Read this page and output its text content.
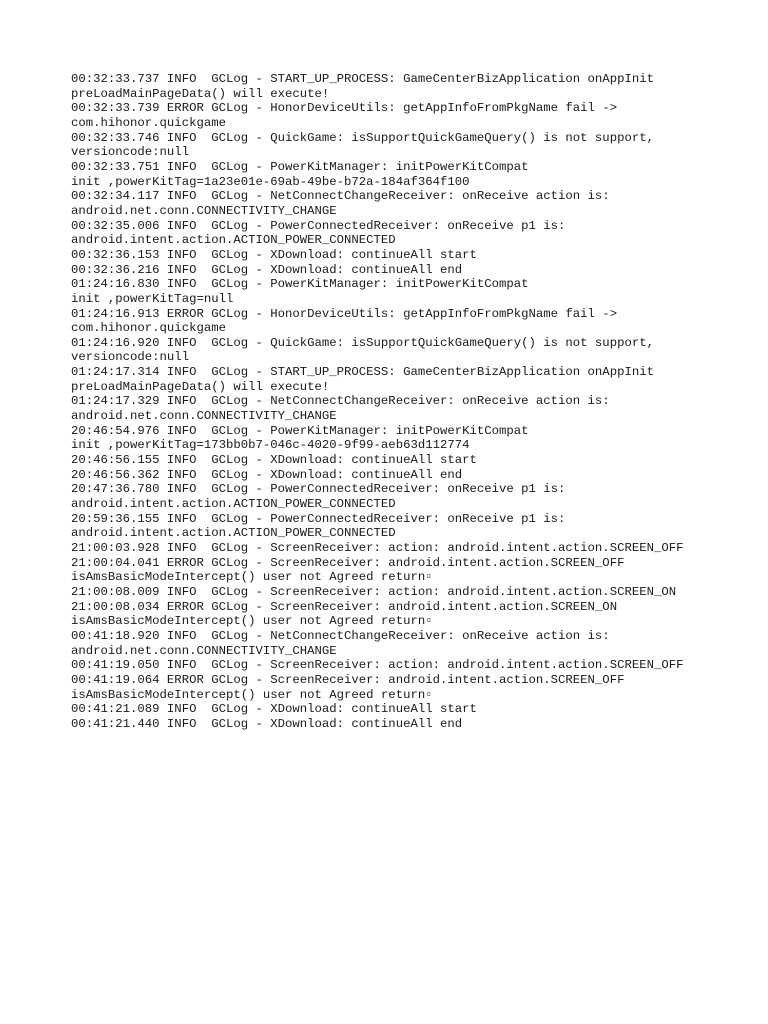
00:32:33.737 INFO  GCLog - START_UP_PROCESS: GameCenterBizApplication onAppInit
preLoadMainPageData() will execute!
00:32:33.739 ERROR GCLog - HonorDeviceUtils: getAppInfoFromPkgName fail ->
com.hihonor.quickgame
00:32:33.746 INFO  GCLog - QuickGame: isSupportQuickGameQuery() is not support,
versioncode:null
00:32:33.751 INFO  GCLog - PowerKitManager: initPowerKitCompat
init ,powerKitTag=1a23e01e-69ab-49be-b72a-184af364f100
00:32:34.117 INFO  GCLog - NetConnectChangeReceiver: onReceive action is:
android.net.conn.CONNECTIVITY_CHANGE
00:32:35.006 INFO  GCLog - PowerConnectedReceiver: onReceive p1 is:
android.intent.action.ACTION_POWER_CONNECTED
00:32:36.153 INFO  GCLog - XDownload: continueAll start
00:32:36.216 INFO  GCLog - XDownload: continueAll end
01:24:16.830 INFO  GCLog - PowerKitManager: initPowerKitCompat
init ,powerKitTag=null
01:24:16.913 ERROR GCLog - HonorDeviceUtils: getAppInfoFromPkgName fail ->
com.hihonor.quickgame
01:24:16.920 INFO  GCLog - QuickGame: isSupportQuickGameQuery() is not support,
versioncode:null
01:24:17.314 INFO  GCLog - START_UP_PROCESS: GameCenterBizApplication onAppInit
preLoadMainPageData() will execute!
01:24:17.329 INFO  GCLog - NetConnectChangeReceiver: onReceive action is:
android.net.conn.CONNECTIVITY_CHANGE
20:46:54.976 INFO  GCLog - PowerKitManager: initPowerKitCompat
init ,powerKitTag=173bb0b7-046c-4020-9f99-aeb63d112774
20:46:56.155 INFO  GCLog - XDownload: continueAll start
20:46:56.362 INFO  GCLog - XDownload: continueAll end
20:47:36.780 INFO  GCLog - PowerConnectedReceiver: onReceive p1 is:
android.intent.action.ACTION_POWER_CONNECTED
20:59:36.155 INFO  GCLog - PowerConnectedReceiver: onReceive p1 is:
android.intent.action.ACTION_POWER_CONNECTED
21:00:03.928 INFO  GCLog - ScreenReceiver: action: android.intent.action.SCREEN_OFF
21:00:04.041 ERROR GCLog - ScreenReceiver: android.intent.action.SCREEN_OFF
isAmsBasicModeIntercept() user not Agreed return▫
21:00:08.009 INFO  GCLog - ScreenReceiver: action: android.intent.action.SCREEN_ON
21:00:08.034 ERROR GCLog - ScreenReceiver: android.intent.action.SCREEN_ON
isAmsBasicModeIntercept() user not Agreed return▫
00:41:18.920 INFO  GCLog - NetConnectChangeReceiver: onReceive action is:
android.net.conn.CONNECTIVITY_CHANGE
00:41:19.050 INFO  GCLog - ScreenReceiver: action: android.intent.action.SCREEN_OFF
00:41:19.064 ERROR GCLog - ScreenReceiver: android.intent.action.SCREEN_OFF
isAmsBasicModeIntercept() user not Agreed return▫
00:41:21.089 INFO  GCLog - XDownload: continueAll start
00:41:21.440 INFO  GCLog - XDownload: continueAll end
